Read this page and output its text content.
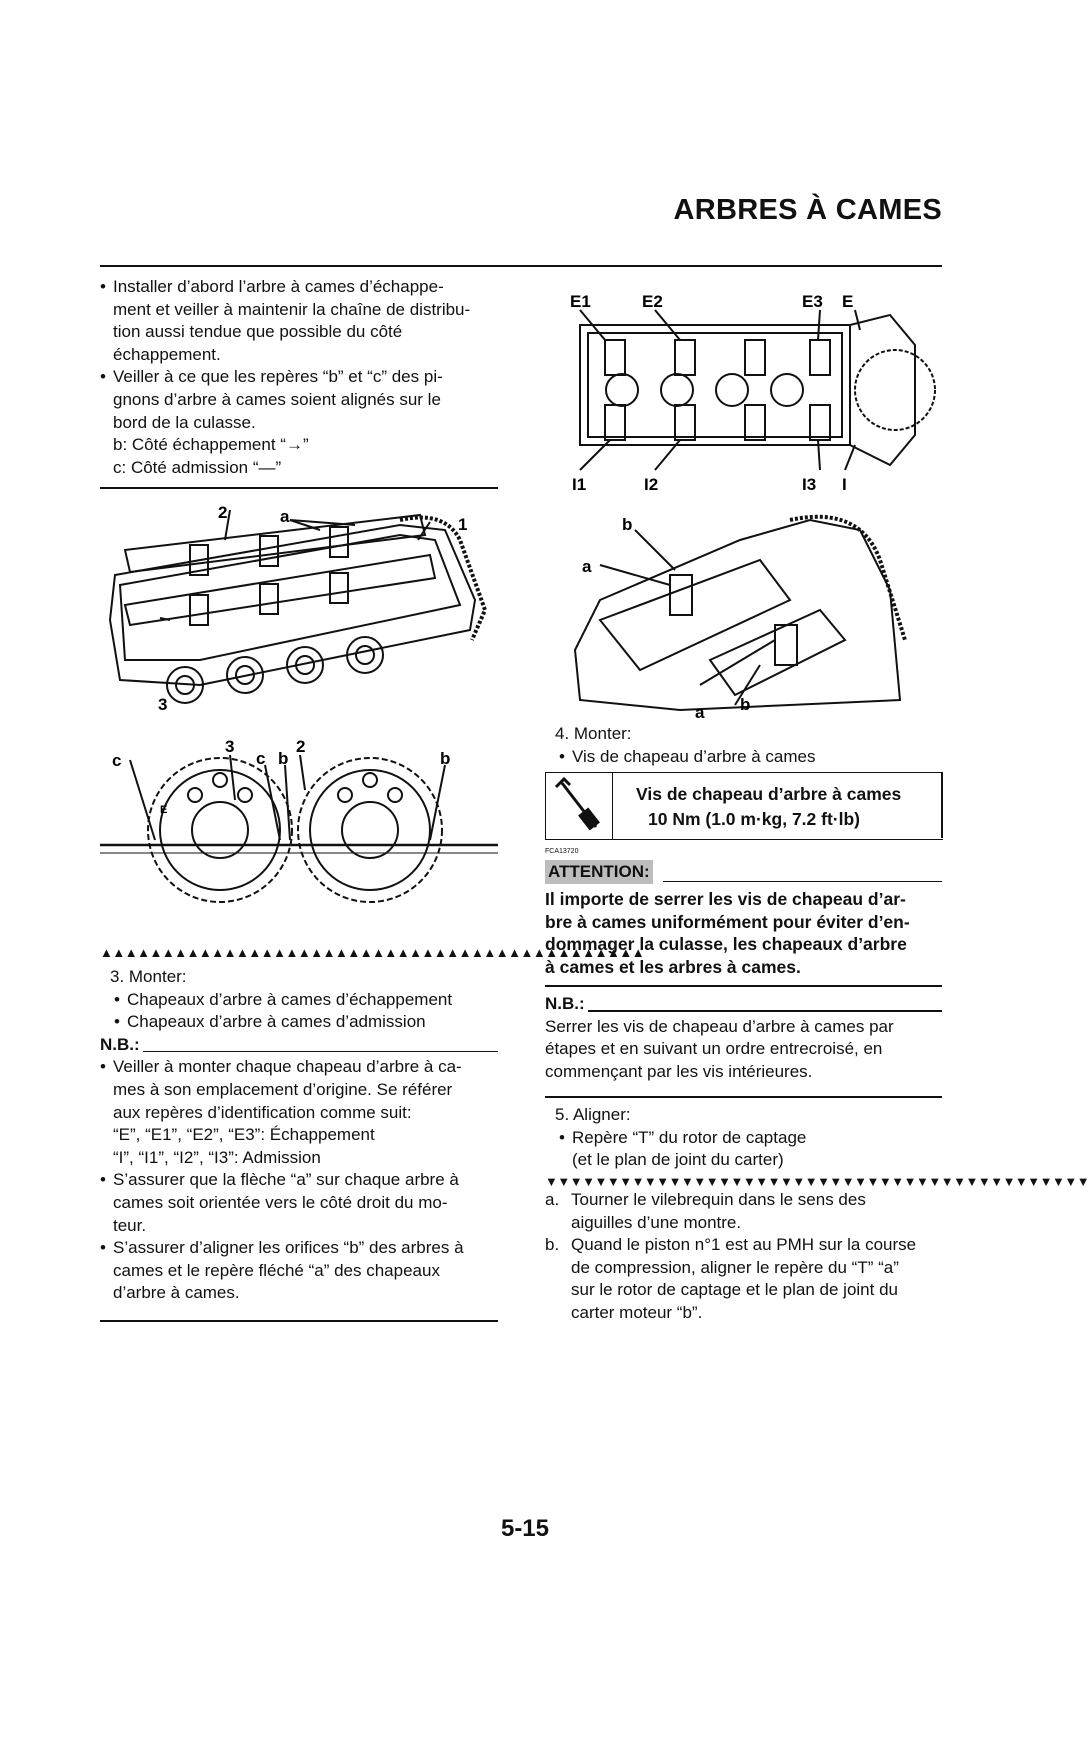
ARBRES À CAMES
• Installer d’abord l’arbre à cames d’échappe-
ment et veiller à maintenir la chaîne de distribu-
tion aussi tendue que possible du côté
échappement.
• Veiller à ce que les repères “b” et “c” des pi-
gnons d’arbre à cames soient alignés sur le
bord de la culasse.
b: Côté échappement “→”
c: Côté admission “—”
2	a	1
3
c
3
c b
2
b
E
▲▲▲▲▲▲▲▲▲▲▲▲▲▲▲▲▲▲▲▲▲▲▲▲▲▲▲▲▲▲▲▲▲▲▲▲▲▲▲▲▲▲▲▲
3. Monter:
• Chapeaux d’arbre à cames d’échappement
• Chapeaux d’arbre à cames d’admission
N.B.:
• Veiller à monter chaque chapeau d’arbre à ca-
mes à son emplacement d’origine. Se référer
aux repères d’identification comme suit:
“E”, “E1”, “E2”, “E3”: Échappement
“I”, “I1”, “I2”, “I3”: Admission
• S’assurer que la flèche “a” sur chaque arbre à
cames soit orientée vers le côté droit du mo-
teur.
• S’assurer d’aligner les orifices “b” des arbres à
cames et le repère fléché “a” des chapeaux
d’arbre à cames.
E1	E2	E3 E
I1	I2	I3 I
b
a
a b
4. Monter:
• Vis de chapeau d’arbre à cames
Vis de chapeau d’arbre à cames
10 Nm (1.0 m·kg, 7.2 ft·lb)
FCA13720
ATTENTION:
Il importe de serrer les vis de chapeau d’ar-
bre à cames uniformément pour éviter d’en-
dommager la culasse, les chapeaux d’arbre
à cames et les arbres à cames.
N.B.:
Serrer les vis de chapeau d’arbre à cames par
étapes et en suivant un ordre entrecroisé, en
commençant par les vis intérieures.
5. Aligner:
• Repère “T” du rotor de captage
(et le plan de joint du carter)
▼▼▼▼▼▼▼▼▼▼▼▼▼▼▼▼▼▼▼▼▼▼▼▼▼▼▼▼▼▼▼▼▼▼▼▼▼▼▼▼▼▼▼▼
a. Tourner le vilebrequin dans le sens des
aiguilles d’une montre.
b. Quand le piston n°1 est au PMH sur la course
de compression, aligner le repère du “T” “a”
sur le rotor de captage et le plan de joint du
carter moteur “b”.
5-15
